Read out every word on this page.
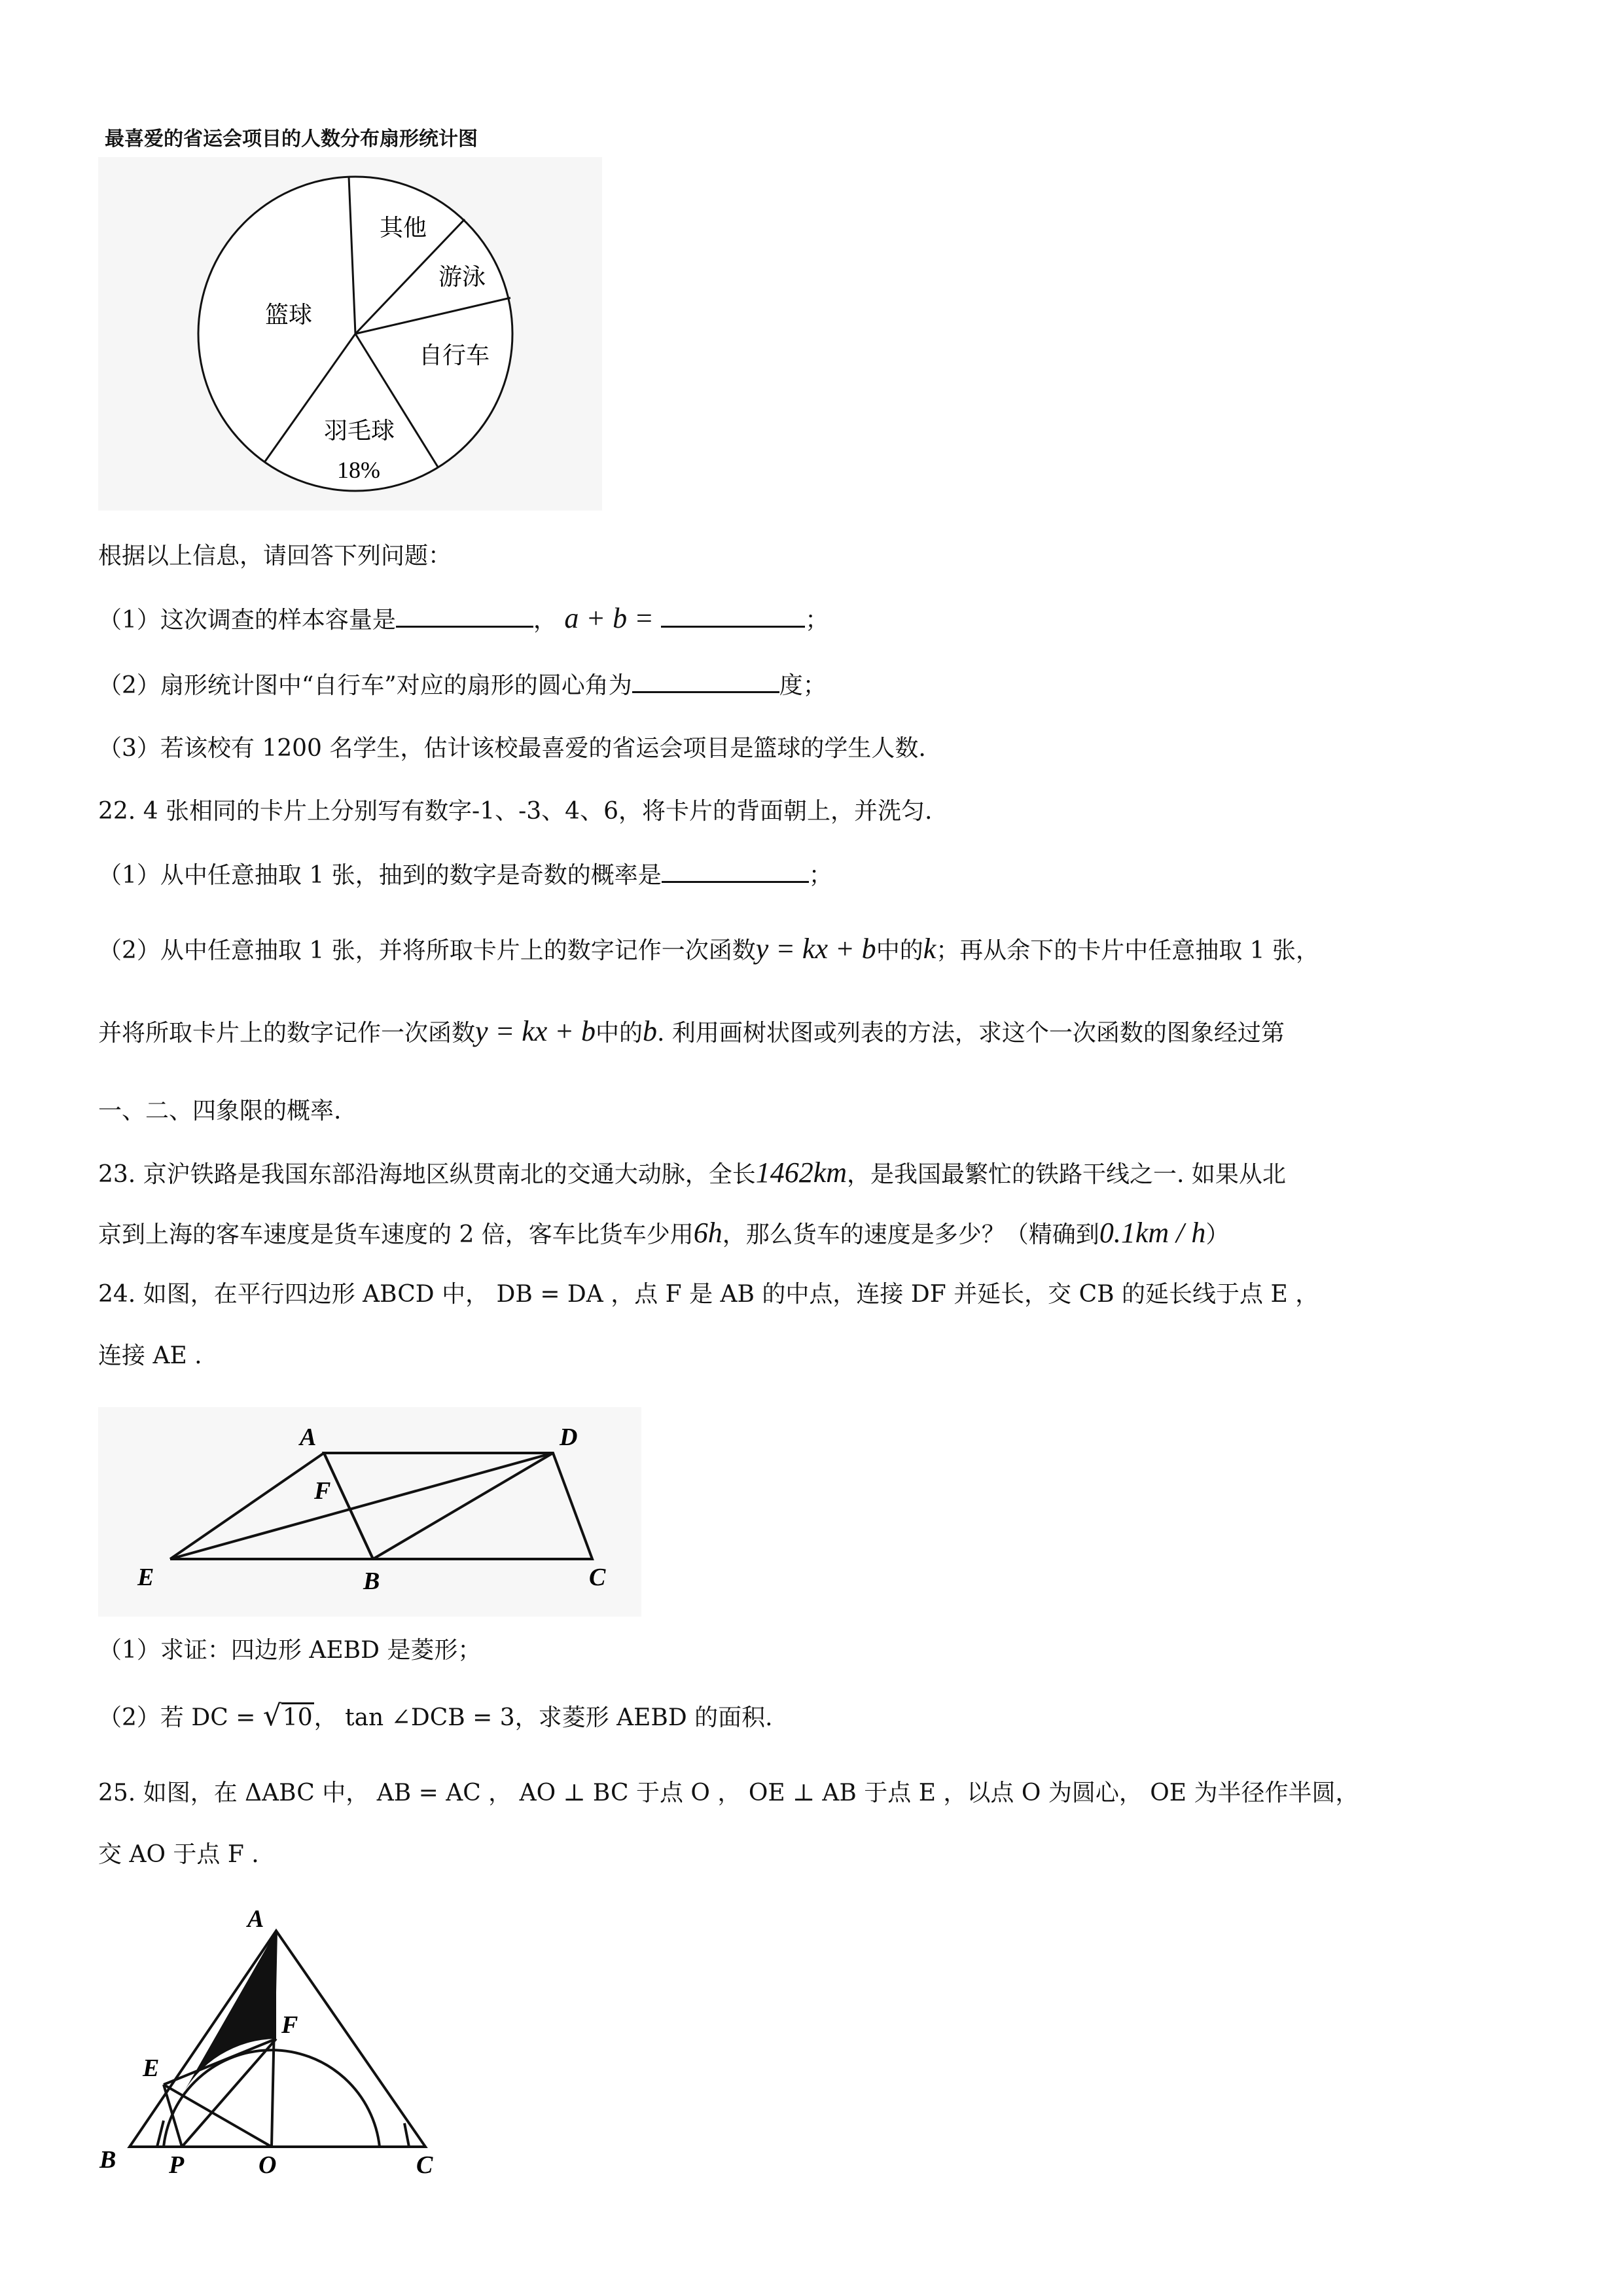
最喜爱的省运会项目的人数分布扇形统计图
其他
游泳
自行车
羽毛球
18%
篮球
根据以上信息，请回答下列问题：
（1）这次调查的样本容量是	， a + b =	；
（2）扇形统计图中“自行车”对应的扇形的圆心角为	度；
（3）若该校有 1200 名学生，估计该校最喜爱的省运会项目是篮球的学生人数.
22. 4 张相同的卡片上分别写有数字-1、-3、4、6，将卡片的背面朝上，并洗匀.
（1）从中任意抽取 1 张，抽到的数字是奇数的概率是	；
（2）从中任意抽取 1 张，并将所取卡片上的数字记作一次函数y = kx + b中的k；再从余下的卡片中任意抽取 1 张，
并将所取卡片上的数字记作一次函数y = kx + b中的b. 利用画树状图或列表的方法，求这个一次函数的图象经过第
一、二、四象限的概率.
23. 京沪铁路是我国东部沿海地区纵贯南北的交通大动脉，全长1462km，是我国最繁忙的铁路干线之一. 如果从北
京到上海的客车速度是货车速度的 2 倍，客车比货车少用6h，那么货车的速度是多少？（精确到0.1km / h）
24. 如图，在平行四边形 ABCD 中， DB = DA ，点 F 是 AB 的中点，连接 DF 并延长，交 CB 的延长线于点 E ，
连接 AE .
A	D
F
E	B	C
（1）求证：四边形 AEBD 是菱形；
（2）若 DC = √10， tan ∠DCB = 3，求菱形 AEBD 的面积.
25. 如图，在 ΔABC 中， AB = AC ， AO ⊥ BC 于点 O ， OE ⊥ AB 于点 E ，以点 O 为圆心， OE 为半径作半圆，
交 AO 于点 F .
A
F
E
B P	O	C
